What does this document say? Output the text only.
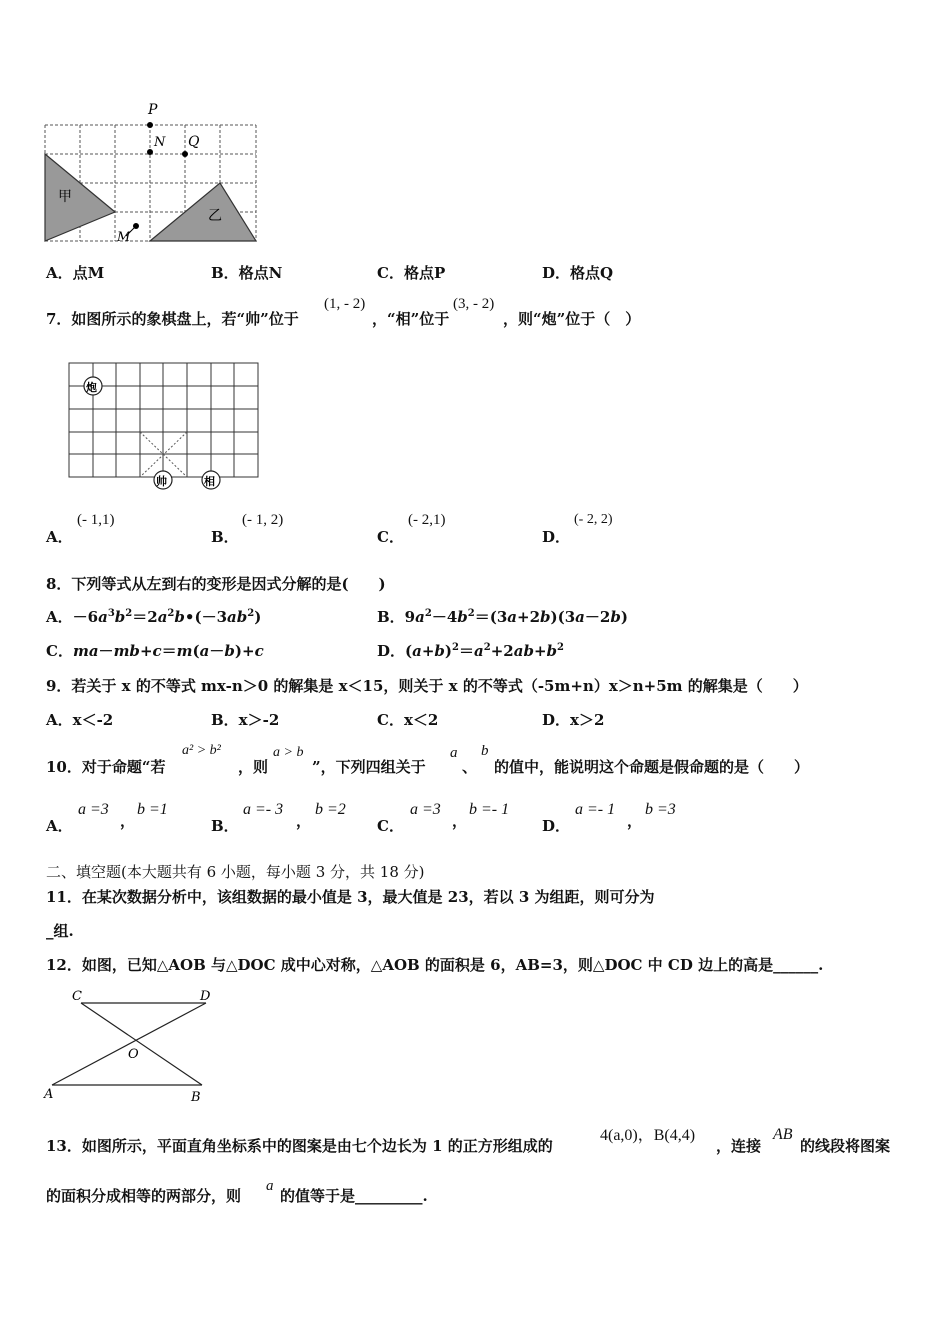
甲
乙
P
N Q
M
A．点M	B．格点N	C．格点P	D．格点Q
7．如图所示的象棋盘上，若“帅”位于
(1, - 2)
，“相”位于
(3, - 2)
，则“炮”位于（　）
炮
帅	相
A．
(- 1,1)
B．
(- 1, 2)
C．
(- 2,1)
D．
(- 2, 2)
8．下列等式从左到右的变形是因式分解的是(　　)
A．$-6a^3b^2=2a^2b•(-3ab^2)$	B．$9a^2-4b^2=(3a+2b)(3a-2b)$
C．ma－mb+c＝m(a－b)+c	D．$(a+b)^2=a^2+2ab+b^2$
9．若关于 x 的不等式 mx-n＞0 的解集是 x＜15，则关于 x 的不等式（-5m+n）x＞n+5m 的解集是（　　）
A．x＜-2	B．x＞-2	C．x＜2	D．x＞2
10．对于命题“若
a² > b²
，则
a > b
”，下列四组关于
a
、
b
的值中，能说明这个命题是假命题的是（　　）
A．
a =3
，
b =1
B．
a =- 3
，
b =2
C．
a =3
，
b =- 1
D．
a =- 1
，
b =3
二、填空题(本大题共有 6 小题，每小题 3 分，共 18 分)
11．在某次数据分析中，该组数据的最小值是 3，最大值是 23，若以 3 为组距，则可分为
_组.
12．如图，已知△AOB 与△DOC 成中心对称，△AOB 的面积是 6，AB=3，则△DOC 中 CD 边上的高是______.
C	D
O
A	B
13．如图所示，平面直角坐标系中的图案是由七个边长为 1 的正方形组成的
4(a,0)，B(4,4)
，连接
AB
的线段将图案
的面积分成相等的两部分，则
a
的值等于是_________.
